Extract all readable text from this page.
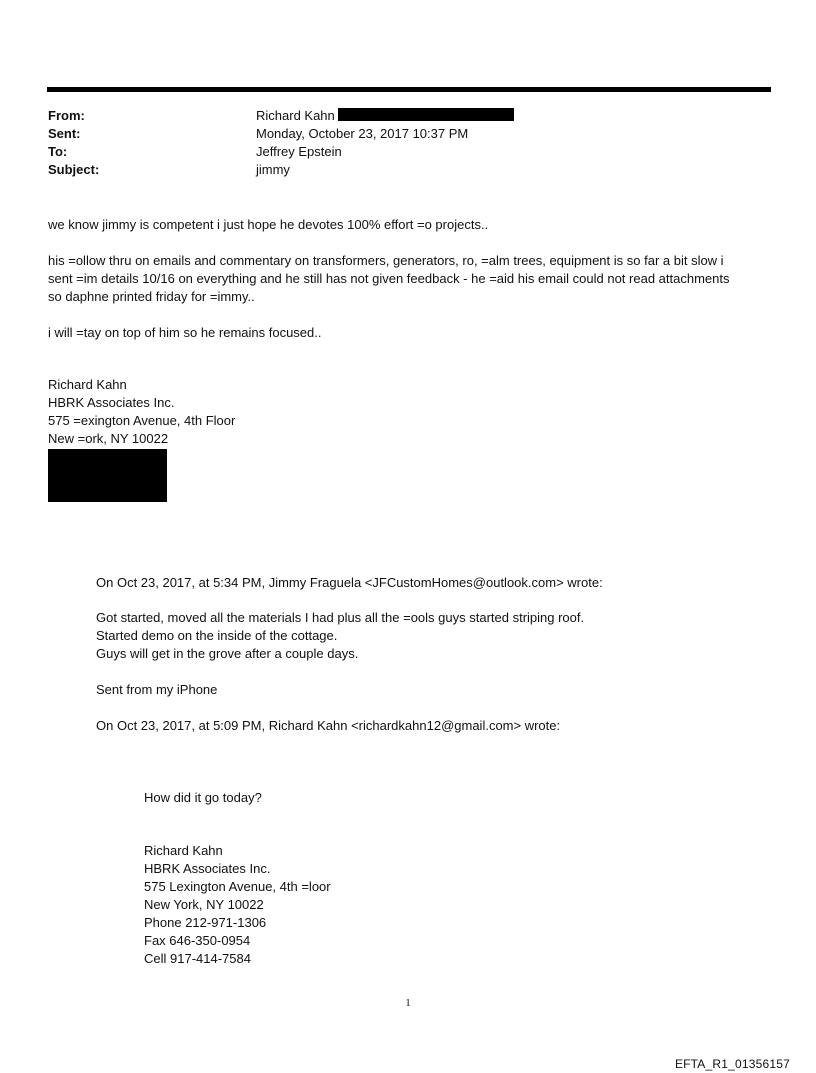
From:	Richard Kahn
Sent:	Monday, October 23, 2017 10:37 PM
To:	Jeffrey Epstein
Subject:	jimmy
we know jimmy is competent i just hope he devotes 100% effort =o projects..
his =ollow thru on emails and commentary on transformers, generators, ro, =alm trees, equipment is so far a bit slow i
sent =im details 10/16 on everything and he still has not given feedback - he =aid his email could not read attachments
so daphne printed friday for =immy..
i will =tay on top of him so he remains focused..
Richard Kahn
HBRK Associates Inc.
575 =exington Avenue, 4th Floor
New =ork, NY 10022
On Oct 23, 2017, at 5:34 PM, Jimmy Fraguela <JFCustomHomes@outlook.com> wrote:
Got started, moved all the materials I had plus all the =ools guys started striping roof.
Started demo on the inside of the cottage.
Guys will get in the grove after a couple days.
Sent from my iPhone
On Oct 23, 2017, at 5:09 PM, Richard Kahn <richardkahn12@gmail.com> wrote:
How did it go today?
Richard Kahn
HBRK Associates Inc.
575 Lexington Avenue, 4th =loor
New York, NY 10022
Phone 212-971-1306
Fax 646-350-0954
Cell 917-414-7584
1
EFTA_R1_01356157
